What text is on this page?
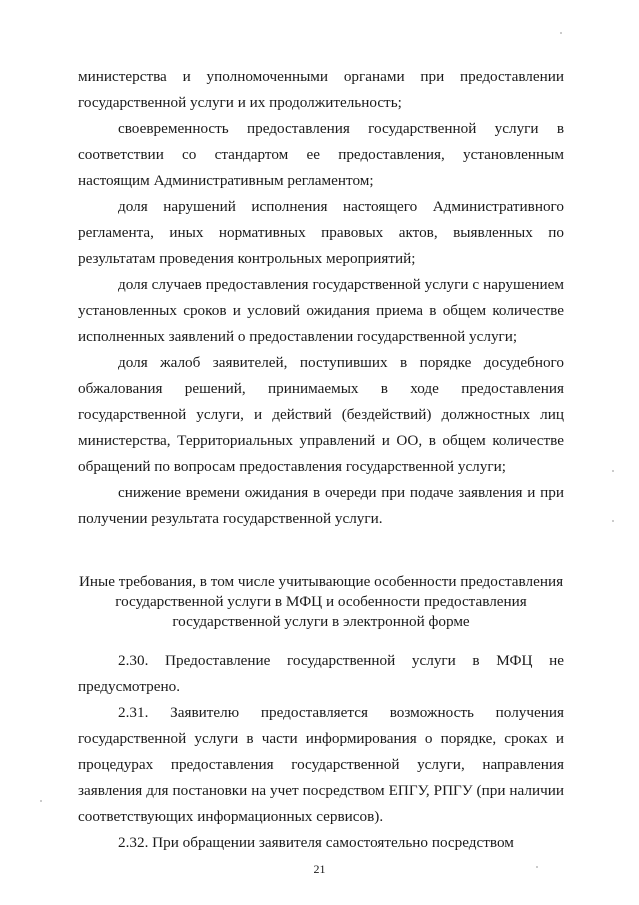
министерства и уполномоченными органами при предоставлении государственной услуги и их продолжительность;

своевременность предоставления государственной услуги в соответствии со стандартом ее предоставления, установленным настоящим Административным регламентом;

доля нарушений исполнения настоящего Административного регламента, иных нормативных правовых актов, выявленных по результатам проведения контрольных мероприятий;

доля случаев предоставления государственной услуги с нарушением установленных сроков и условий ожидания приема в общем количестве исполненных заявлений о предоставлении государственной услуги;

доля жалоб заявителей, поступивших в порядке досудебного обжалования решений, принимаемых в ходе предоставления государственной услуги, и действий (бездействий) должностных лиц министерства, Территориальных управлений и ОО, в общем количестве обращений по вопросам предоставления государственной услуги;

снижение времени ожидания в очереди при подаче заявления и при получении результата государственной услуги.

Иные требования, в том числе учитывающие особенности предоставления государственной услуги в МФЦ и особенности предоставления государственной услуги в электронной форме

2.30. Предоставление государственной услуги в МФЦ не предусмотрено.

2.31. Заявителю предоставляется возможность получения государственной услуги в части информирования о порядке, сроках и процедурах предоставления государственной услуги, направления заявления для постановки на учет посредством ЕПГУ, РПГУ (при наличии соответствующих информационных сервисов).

2.32. При обращении заявителя самостоятельно посредством

21
